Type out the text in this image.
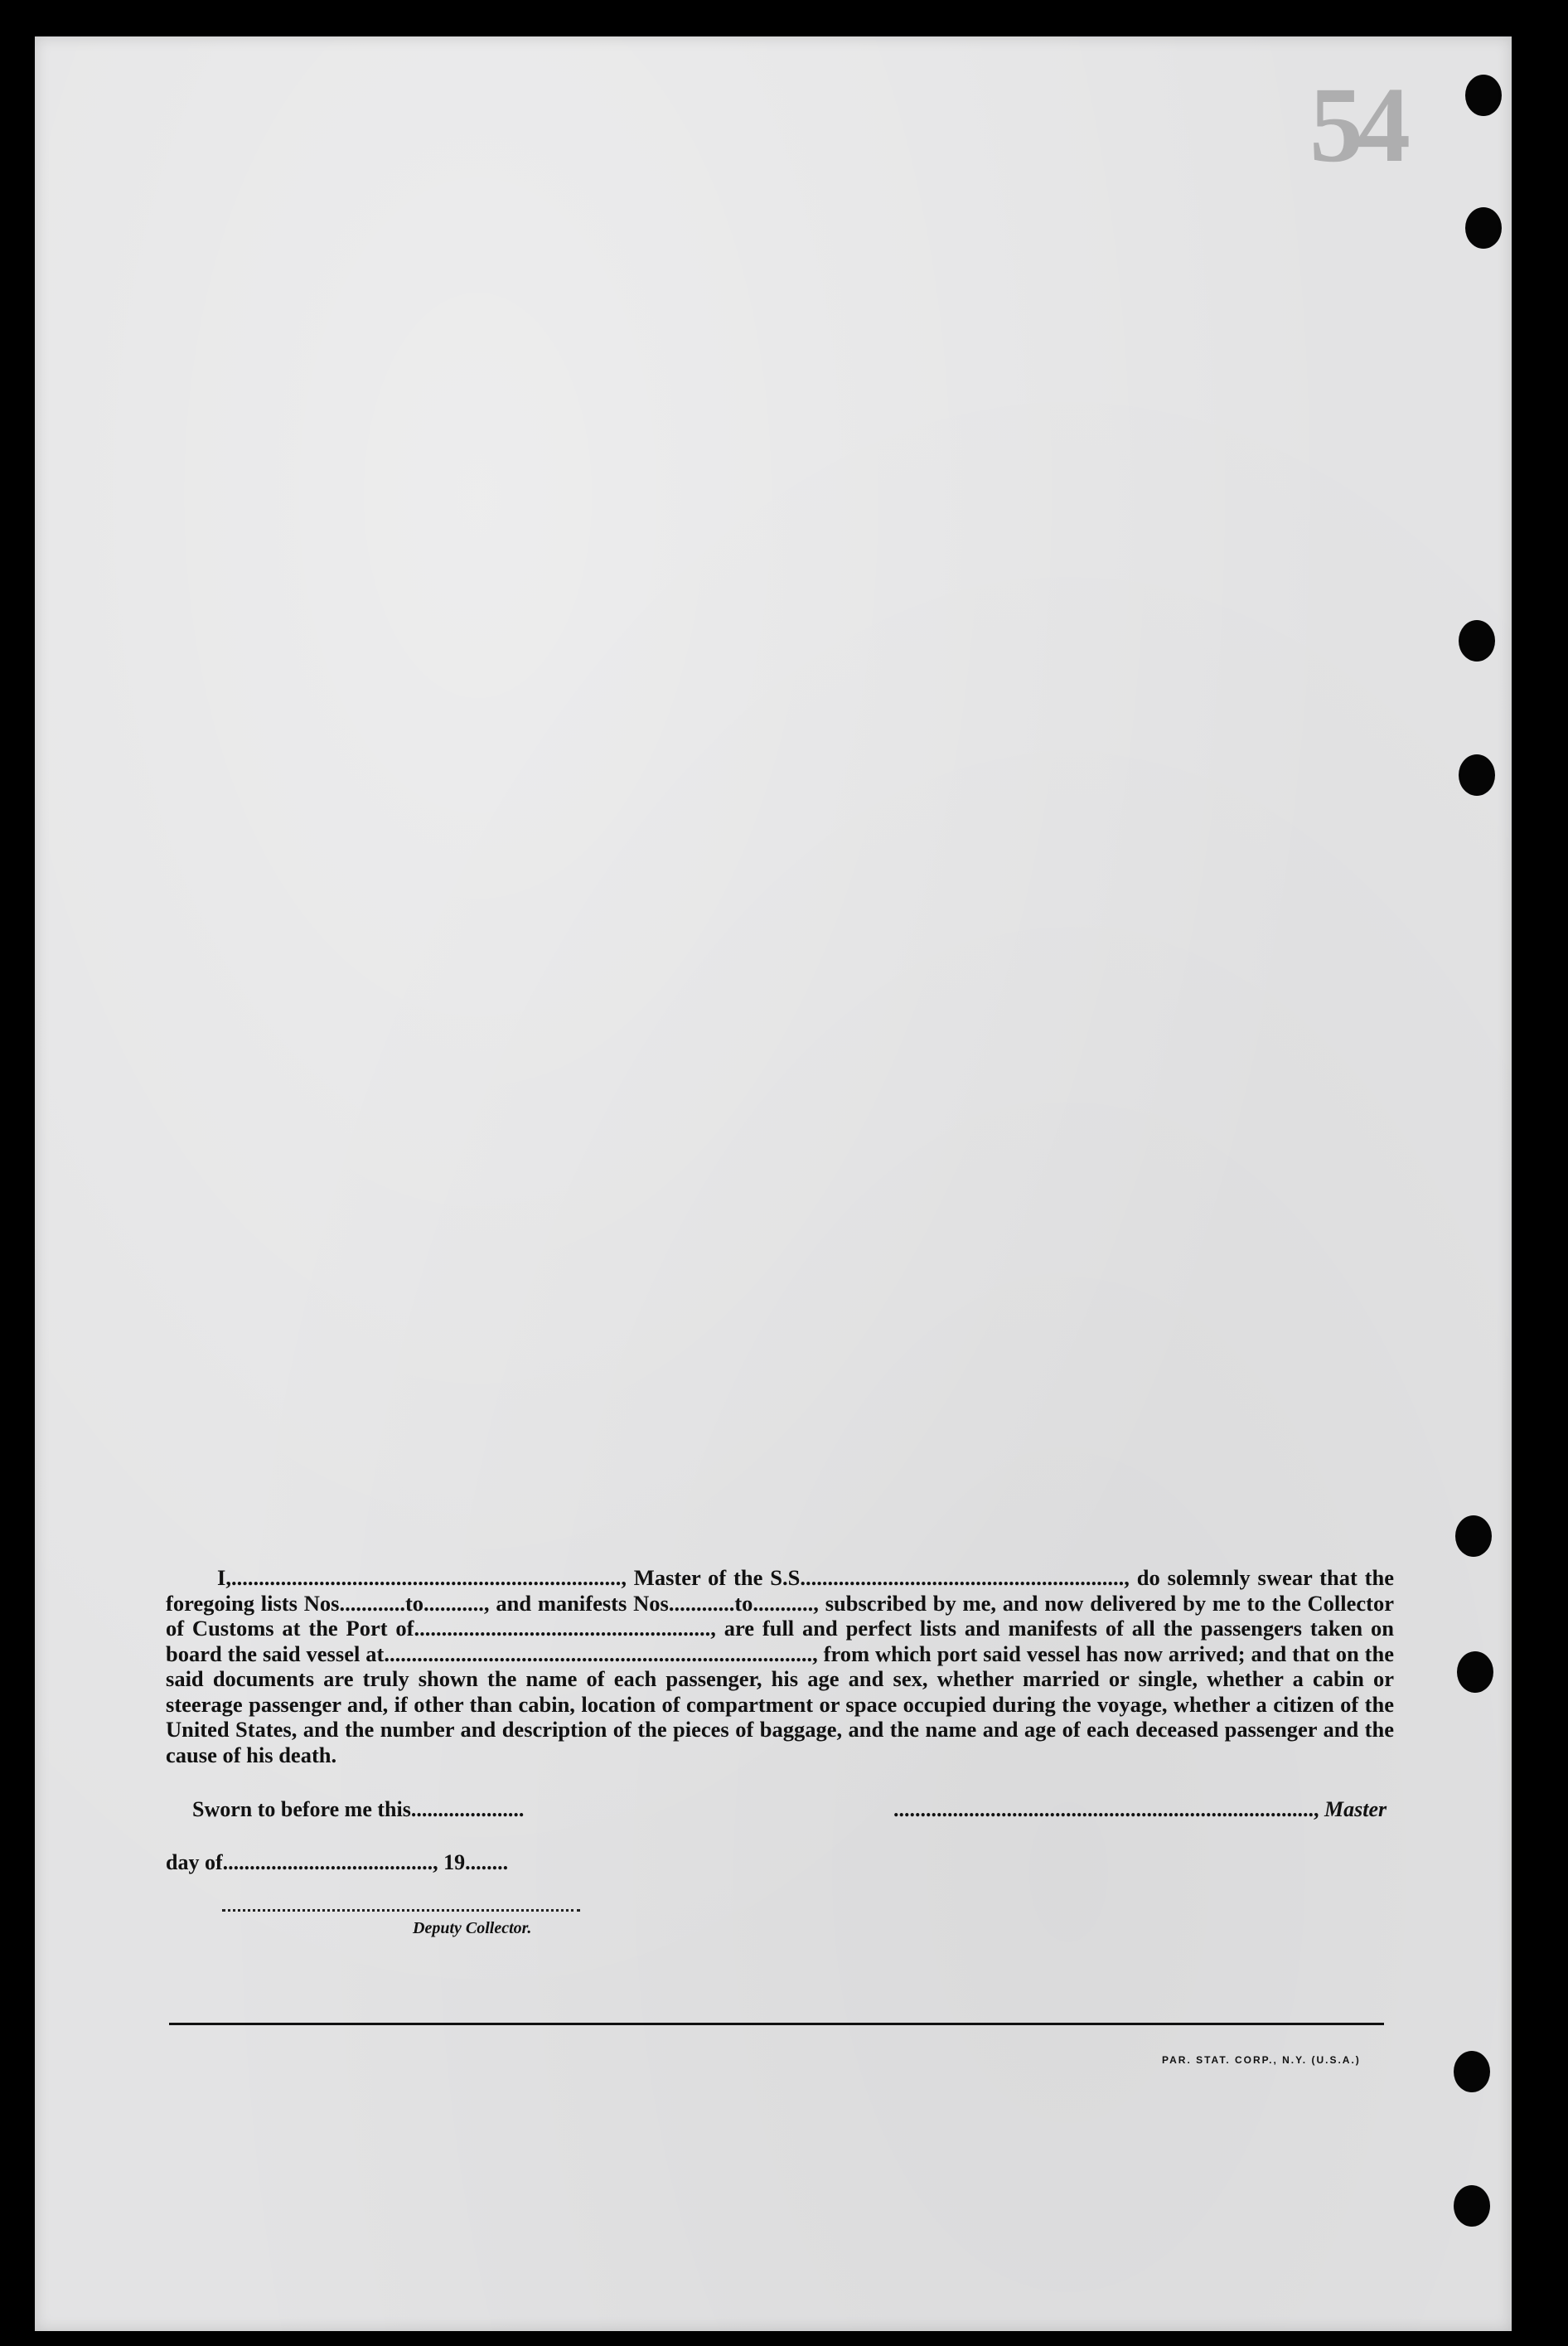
54
I,......................................................................., Master of the S.S..........................................................., do solemnly swear that the foregoing lists Nos............to..........., and manifests Nos............to..........., subscribed by me, and now delivered by me to the Collector of Customs at the Port of......................................................, are full and perfect lists and manifests of all the passengers taken on board the said vessel at.............................................................................., from which port said vessel has now arrived; and that on the said documents are truly shown the name of each passenger, his age and sex, whether married or single, whether a cabin or steerage passenger and, if other than cabin, location of compartment or space occupied during the voyage, whether a citizen of the United States, and the number and description of the pieces of baggage, and the name and age of each deceased passenger and the cause of his death.
Sworn to before me this.....................	.............................................................................., Master
day of......................................., 19........
Deputy Collector.
PAR. STAT. CORP., N.Y. (U.S.A.)
